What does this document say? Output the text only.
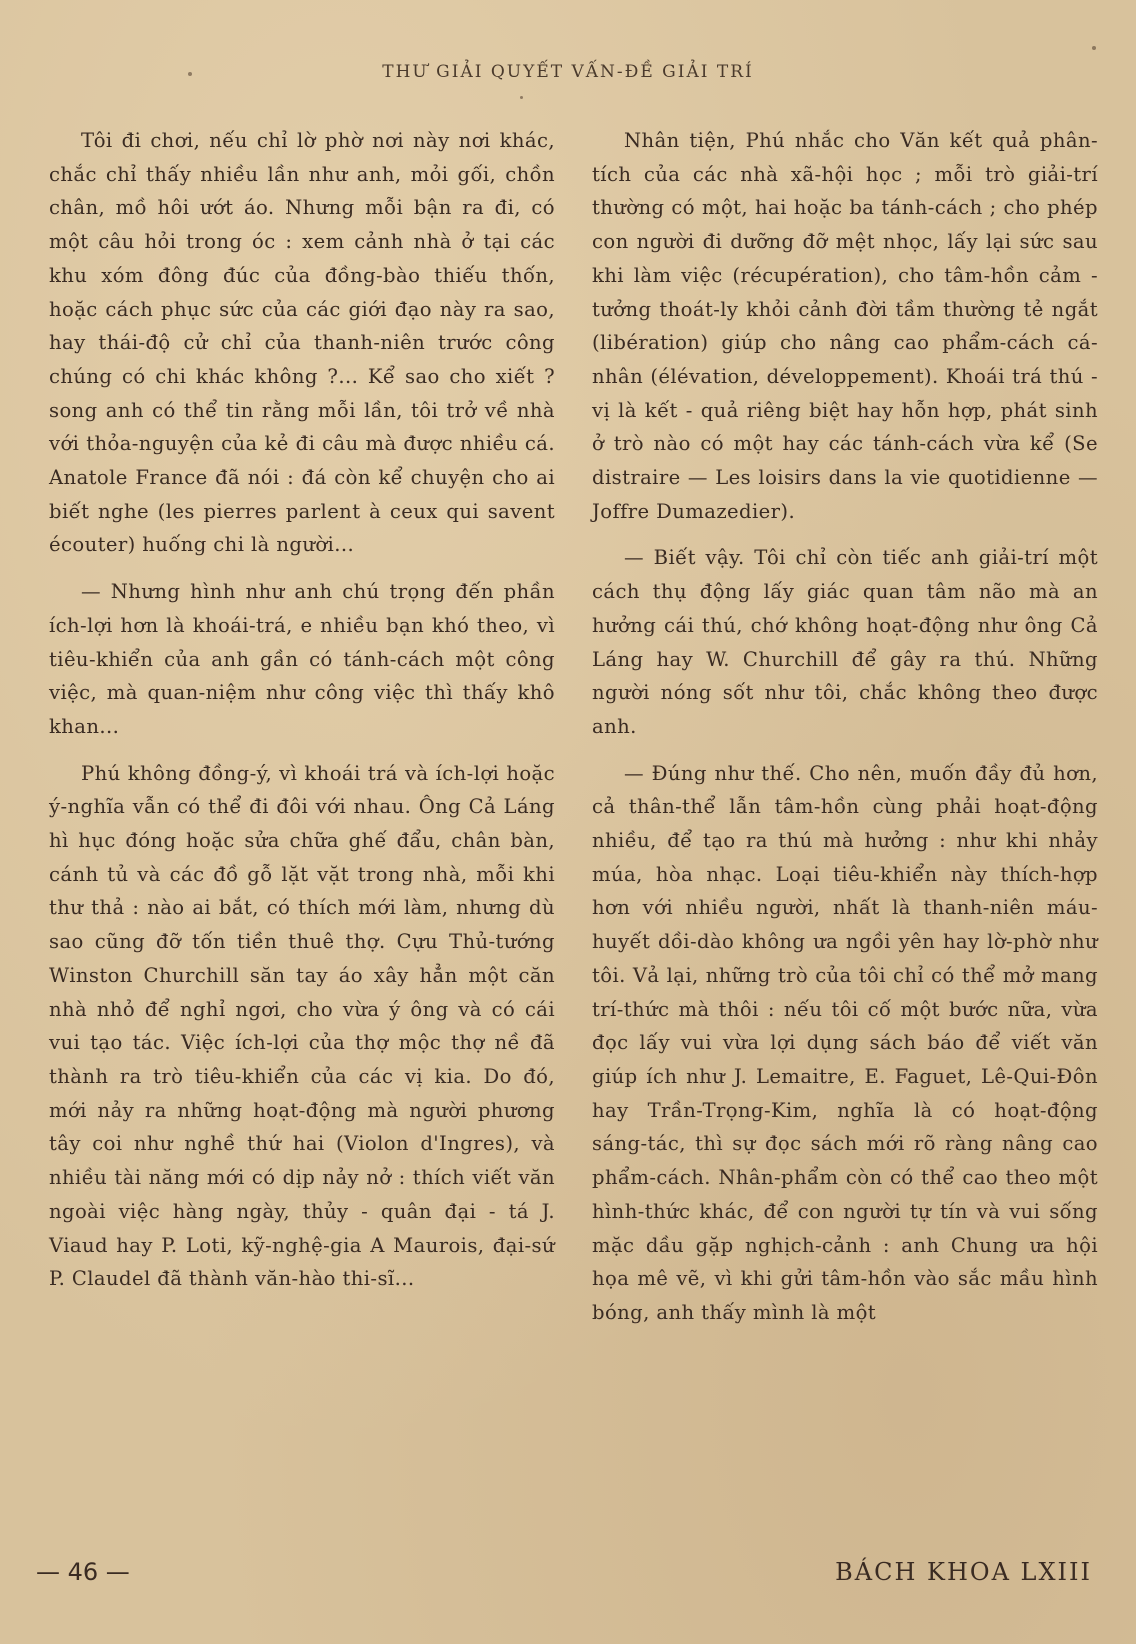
THƯ GIẢI QUYẾT VẤN-ĐỀ GIẢI TRÍ

Tôi đi chơi, nếu chỉ lờ phờ nơi này nơi khác, chắc chỉ thấy nhiều lần như anh, mỏi gối, chồn chân, mồ hôi ướt áo. Nhưng mỗi bận ra đi, có một câu hỏi trong óc : xem cảnh nhà ở tại các khu xóm đông đúc của đồng-bào thiếu thốn, hoặc cách phục sức của các giới đạo này ra sao, hay thái-độ cử chỉ của thanh-niên trước công chúng có chi khác không ?... Kể sao cho xiết ? song anh có thể tin rằng mỗi lần, tôi trở về nhà với thỏa-nguyện của kẻ đi câu mà được nhiều cá. Anatole France đã nói : đá còn kể chuyện cho ai biết nghe (les pierres parlent à ceux qui savent écouter) huống chi là người...

— Nhưng hình như anh chú trọng đến phần ích-lợi hơn là khoái-trá, e nhiều bạn khó theo, vì tiêu-khiển của anh gần có tánh-cách một công việc, mà quan-niệm như công việc thì thấy khô khan...

Phú không đồng-ý, vì khoái trá và ích-lợi hoặc ý-nghĩa vẫn có thể đi đôi với nhau. Ông Cả Láng hì hục đóng hoặc sửa chữa ghế đẩu, chân bàn, cánh tủ và các đồ gỗ lặt vặt trong nhà, mỗi khi thư thả : nào ai bắt, có thích mới làm, nhưng dù sao cũng đỡ tốn tiền thuê thợ. Cựu Thủ-tướng Winston Churchill săn tay áo xây hẳn một căn nhà nhỏ để nghỉ ngơi, cho vừa ý ông và có cái vui tạo tác. Việc ích-lợi của thợ mộc thợ nề đã thành ra trò tiêu-khiển của các vị kia. Do đó, mới nảy ra những hoạt-động mà người phương tây coi như nghề thứ hai (Violon d'Ingres), và nhiều tài năng mới có dịp nảy nở : thích viết văn ngoài việc hàng ngày, thủy - quân đại - tá J. Viaud hay P. Loti, kỹ-nghệ-gia A Maurois, đại-sứ P. Claudel đã thành văn-hào thi-sĩ...

Nhân tiện, Phú nhắc cho Văn kết quả phân-tích của các nhà xã-hội học ; mỗi trò giải-trí thường có một, hai hoặc ba tánh-cách ; cho phép con người đi dưỡng đỡ mệt nhọc, lấy lại sức sau khi làm việc (récupération), cho tâm-hồn cảm - tưởng thoát-ly khỏi cảnh đời tầm thường tẻ ngắt (libération) giúp cho nâng cao phẩm-cách cá-nhân (élévation, développement). Khoái trá thú - vị là kết - quả riêng biệt hay hỗn hợp, phát sinh ở trò nào có một hay các tánh-cách vừa kể (Se distraire — Les loisirs dans la vie quotidienne — Joffre Dumazedier).

— Biết vậy. Tôi chỉ còn tiếc anh giải-trí một cách thụ động lấy giác quan tâm não mà an hưởng cái thú, chớ không hoạt-động như ông Cả Láng hay W. Churchill để gây ra thú. Những người nóng sốt như tôi, chắc không theo được anh.

— Đúng như thế. Cho nên, muốn đầy đủ hơn, cả thân-thể lẫn tâm-hồn cùng phải hoạt-động nhiều, để tạo ra thú mà hưởng : như khi nhảy múa, hòa nhạc. Loại tiêu-khiển này thích-hợp hơn với nhiều người, nhất là thanh-niên máu-huyết dồi-dào không ưa ngồi yên hay lờ-phờ như tôi. Vả lại, những trò của tôi chỉ có thể mở mang trí-thức mà thôi : nếu tôi cố một bước nữa, vừa đọc lấy vui vừa lợi dụng sách báo để viết văn giúp ích như J. Lemaitre, E. Faguet, Lê-Qui-Đôn hay Trần-Trọng-Kim, nghĩa là có hoạt-động sáng-tác, thì sự đọc sách mới rõ ràng nâng cao phẩm-cách. Nhân-phẩm còn có thể cao theo một hình-thức khác, để con người tự tín và vui sống mặc dầu gặp nghịch-cảnh : anh Chung ưa hội họa mê vẽ, vì khi gửi tâm-hồn vào sắc mầu hình bóng, anh thấy mình là một

— 46 —	BÁCH KHOA LXIII
